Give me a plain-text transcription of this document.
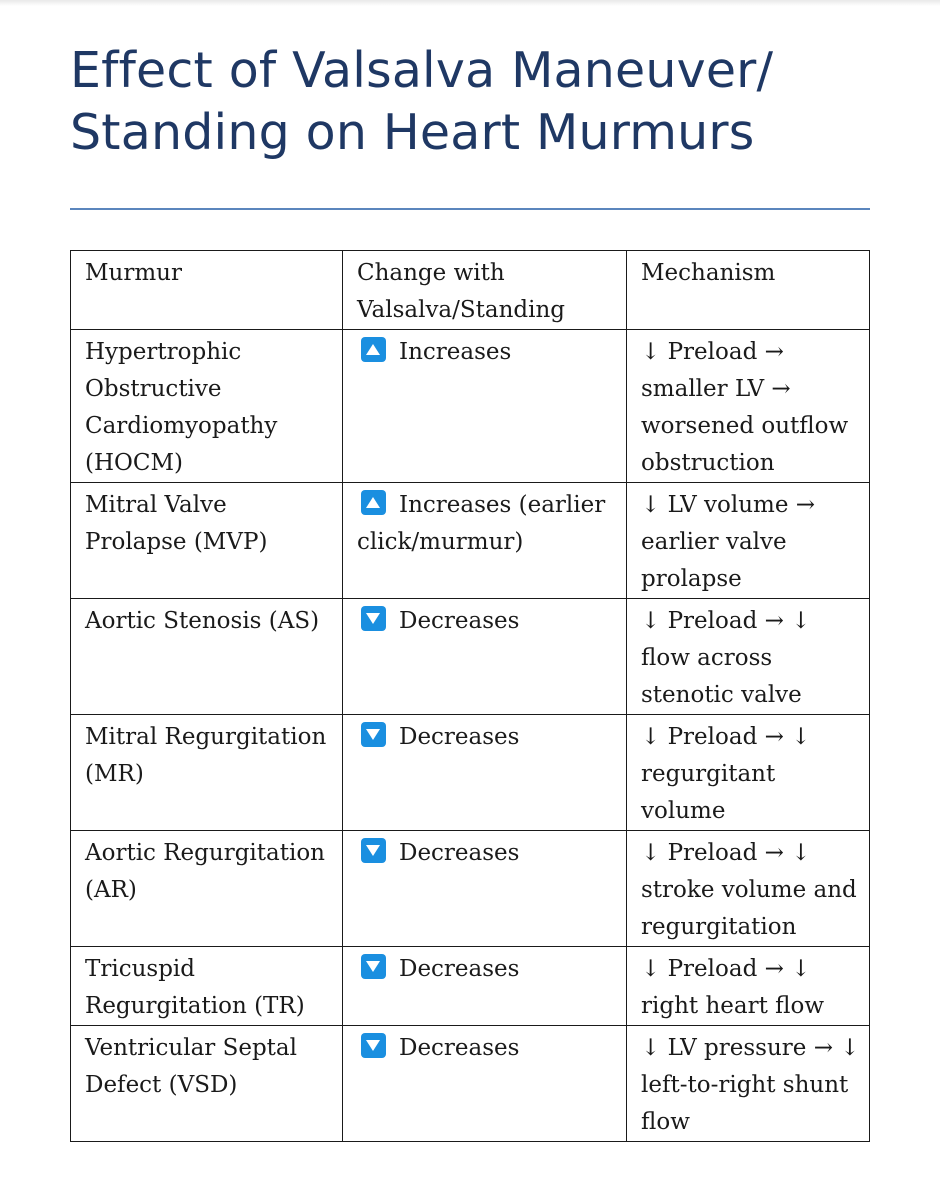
Effect of Valsalva Maneuver/ Standing on Heart Murmurs
Murmur	Change with Valsalva/Standing	Mechanism
Hypertrophic Obstructive Cardiomyopathy (HOCM)	Increases	↓ Preload → smaller LV → worsened outflow obstruction
Mitral Valve Prolapse (MVP)	Increases (earlier click/murmur)	↓ LV volume → earlier valve prolapse
Aortic Stenosis (AS)	Decreases	↓ Preload → ↓ flow across stenotic valve
Mitral Regurgitation (MR)	Decreases	↓ Preload → ↓ regurgitant volume
Aortic Regurgitation (AR)	Decreases	↓ Preload → ↓ stroke volume and regurgitation
Tricuspid Regurgitation (TR)	Decreases	↓ Preload → ↓ right heart flow
Ventricular Septal Defect (VSD)	Decreases	↓ LV pressure → ↓ left-to-right shunt flow
